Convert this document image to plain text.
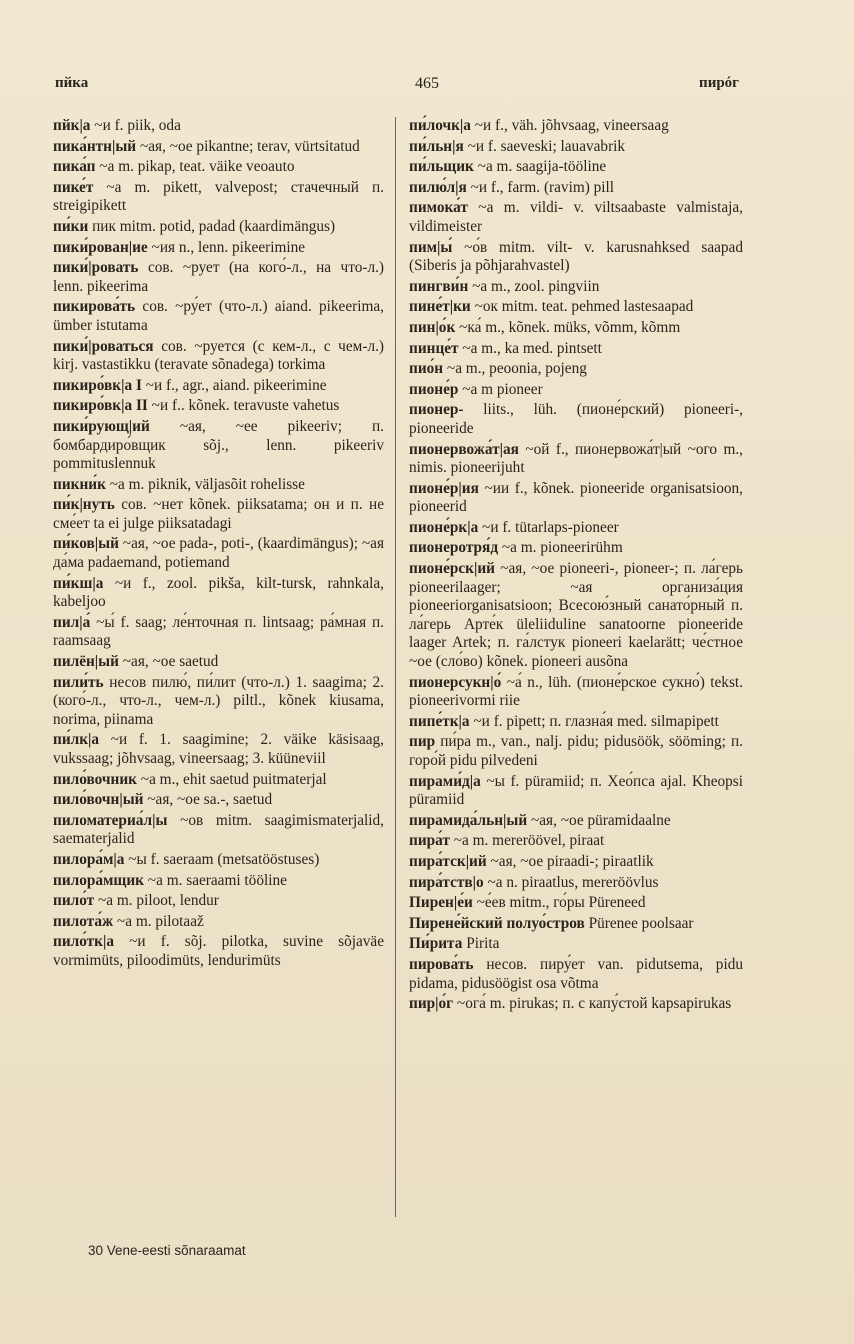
пйка	465	пирóг

пйк|а ~и f. piik, oda

пика́нтн|ый ~ая, ~ое pikantne; terav, vürtsitatud

пика́п ~а m. pikap, teat. väike veoauto

пике́т ~а m. pikett, valvepost; стачечный п. streigipikett

пи́ки пик mitm. potid, padad (kaardimängus)

пики́рован|ие ~ия n., lenn. pikeerimine

пики́|ровать сов. ~рует (на кого́-л., на что-л.) lenn. pikeerima

пикирова́ть сов. ~ру́ет (что-л.) aiand. pikeerima, ümber istutama

пики́|роваться сов. ~руется (с кем-л., с чем-л.) kirj. vastastikku (teravate sõnadega) torkima

пикиро́вк|а I ~и f., agr., aiand. pikeerimine

пикиро́вк|а II ~и f.. kõnek. teravuste vahetus

пики́рующ|ий ~ая, ~ее pikeeriv; п. бомбардиро́вщик sõj., lenn. pikeeriv pommituslennuk

пикни́к ~а m. piknik, väljasõit rohelisse

пи́к|нуть сов. ~нет kõnek. piiksatama; он и п. не сме́ет ta ei julge piiksatadagi

пи́ков|ый ~ая, ~ое pada-, poti-, (kaardimängus); ~ая да́ма padaemand, potiemand

пи́кш|а ~и f., zool. pikša, kilt-tursk, rahnkala, kabeljoo

пил|а́ ~ы́ f. saag; ле́нточная п. lintsaag; ра́мная п. raamsaag

пилён|ый ~ая, ~ое saetud

пили́ть несов пилю́, пи́лит (что-л.) 1. saagima; 2. (кого́-л., что-л., чем-л.) piltl., kõnek kiusama, norima, piinama

пи́лк|а ~и f. 1. saagimine; 2. väike käsisaag, vukssaag; jõhvsaag, vineersaag; 3. küüneviil

пило́вочник ~а m., ehit saetud puitmaterjal

пило́вочн|ый ~ая, ~ое sa.-, saetud

пиломатериа́л|ы ~ов mitm. saagimismaterjalid, saematerjalid

пилора́м|а ~ы f. saeraam (metsatööstuses)

пилора́мщик ~а m. saeraami tööline

пило́т ~а m. piloot, lendur

пилота́ж ~а m. pilotaaž

пило́тк|а ~и f. sõj. pilotka, suvine sõjaväe vormimüts, piloodimüts, lendurimüts

пи́лочк|а ~и f., väh. jõhvsaag, vineersaag

пи́льн|я ~и f. saeveski; lauavabrik

пи́льщик ~а m. saagija-tööline

пилю́л|я ~и f., farm. (ravim) pill

пимока́т ~а m. vildi- v. viltsaabaste valmistaja, vildimeister

пим|ы́ ~о́в mitm. vilt- v. karusnahksed saapad (Siberis ja põhjarahvastel)

пингви́н ~а m., zool. pingviin

пине́т|ки ~ок mitm. teat. pehmed lastesaapad

пин|о́к ~ка́ m., kõnek. müks, võmm, kõmm

пинце́т ~а m., ka med. pintsett

пио́н ~а m., peoonia, pojeng

пионе́р ~а m pioneer

пионер- liits., lüh. (пионе́рский) pioneeri-, pioneeride

пионервожа́т|ая ~ой f., пионервожа́т|ый ~ого m., nimis. pioneerijuht

пионе́р|ия ~ии f., kõnek. pioneeride organisatsioon, pioneerid

пионе́рк|а ~и f. tütarlaps-pioneer

пионеротря́д ~а m. pioneerirühm

пионе́рск|ий ~ая, ~ое pioneeri-, pioneer-; п. ла́герь pioneerilaager; ~ая организа́ция pioneeriorganisatsioon; Всесою́зный санато́рный п. ла́герь Арте́к üleliiduline sanatoorne pioneeride laager Artek; п. га́лстук pioneeri kaelarätt; че́стное ~ое (сло́во) kõnek. pioneeri ausõna

пионерсукн|о́ ~а́ n., lüh. (пионе́рское сукно́) tekst. pioneerivormi riie

пипе́тк|а ~и f. pipett; п. глазна́я med. silmapipett

пир пи́ра m., van., nalj. pidu; pidusöök, söömіng; п. горо́й pidu pilvedeni

пирами́д|а ~ы f. püramiid; п. Хео́пса ajal. Kheopsi püramiid

пирамида́льн|ый ~ая, ~ое püramidaalne

пира́т ~а m. mereröövel, piraat

пира́тск|ий ~ая, ~ое piraadi-; piraatlik

пира́тств|о ~а n. piraatlus, mereröövlus

Пирен|е́и ~е́ев mitm., го́ры Püreneed

Пирене́йский полуо́стров Pürenee poolsaar

Пи́рита Pirita

пирова́ть несов. пиру́ет van. pidutsema, pidu pidama, pidusöögist osa võtma

пир|о́г ~ога́ m. pirukas; п. с капу́стой kapsapirukas

30 Vene-eesti sõnaraamat
